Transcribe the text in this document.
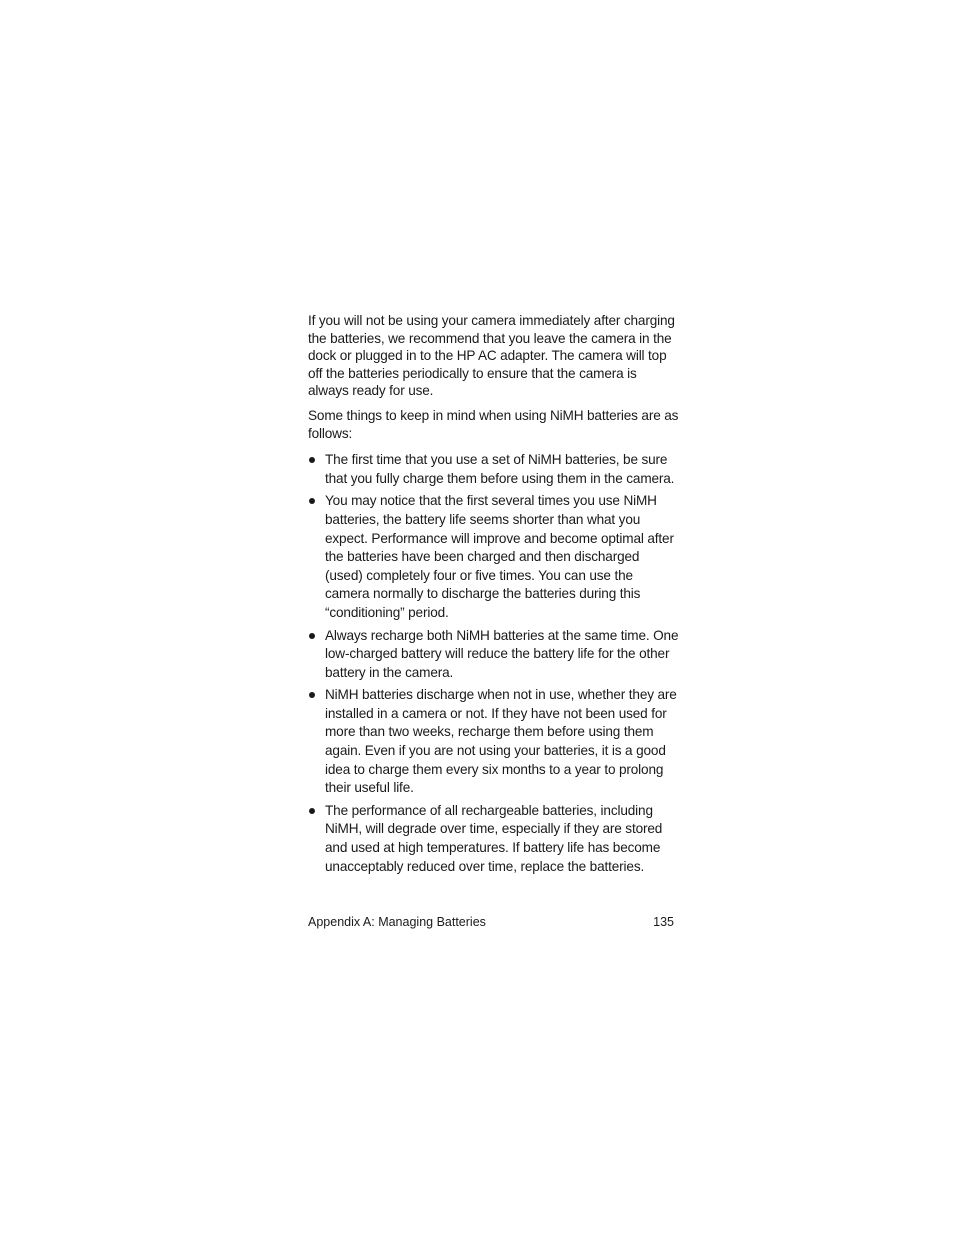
If you will not be using your camera immediately after charging the batteries, we recommend that you leave the camera in the dock or plugged in to the HP AC adapter. The camera will top off the batteries periodically to ensure that the camera is always ready for use.

Some things to keep in mind when using NiMH batteries are as follows:

The first time that you use a set of NiMH batteries, be sure that you fully charge them before using them in the camera.
You may notice that the first several times you use NiMH batteries, the battery life seems shorter than what you expect. Performance will improve and become optimal after the batteries have been charged and then discharged (used) completely four or five times. You can use the camera normally to discharge the batteries during this “conditioning” period.
Always recharge both NiMH batteries at the same time. One low-charged battery will reduce the battery life for the other battery in the camera.
NiMH batteries discharge when not in use, whether they are installed in a camera or not. If they have not been used for more than two weeks, recharge them before using them again. Even if you are not using your batteries, it is a good idea to charge them every six months to a year to prolong their useful life.
The performance of all rechargeable batteries, including NiMH, will degrade over time, especially if they are stored and used at high temperatures. If battery life has become unacceptably reduced over time, replace the batteries.
Appendix A: Managing Batteries	135
